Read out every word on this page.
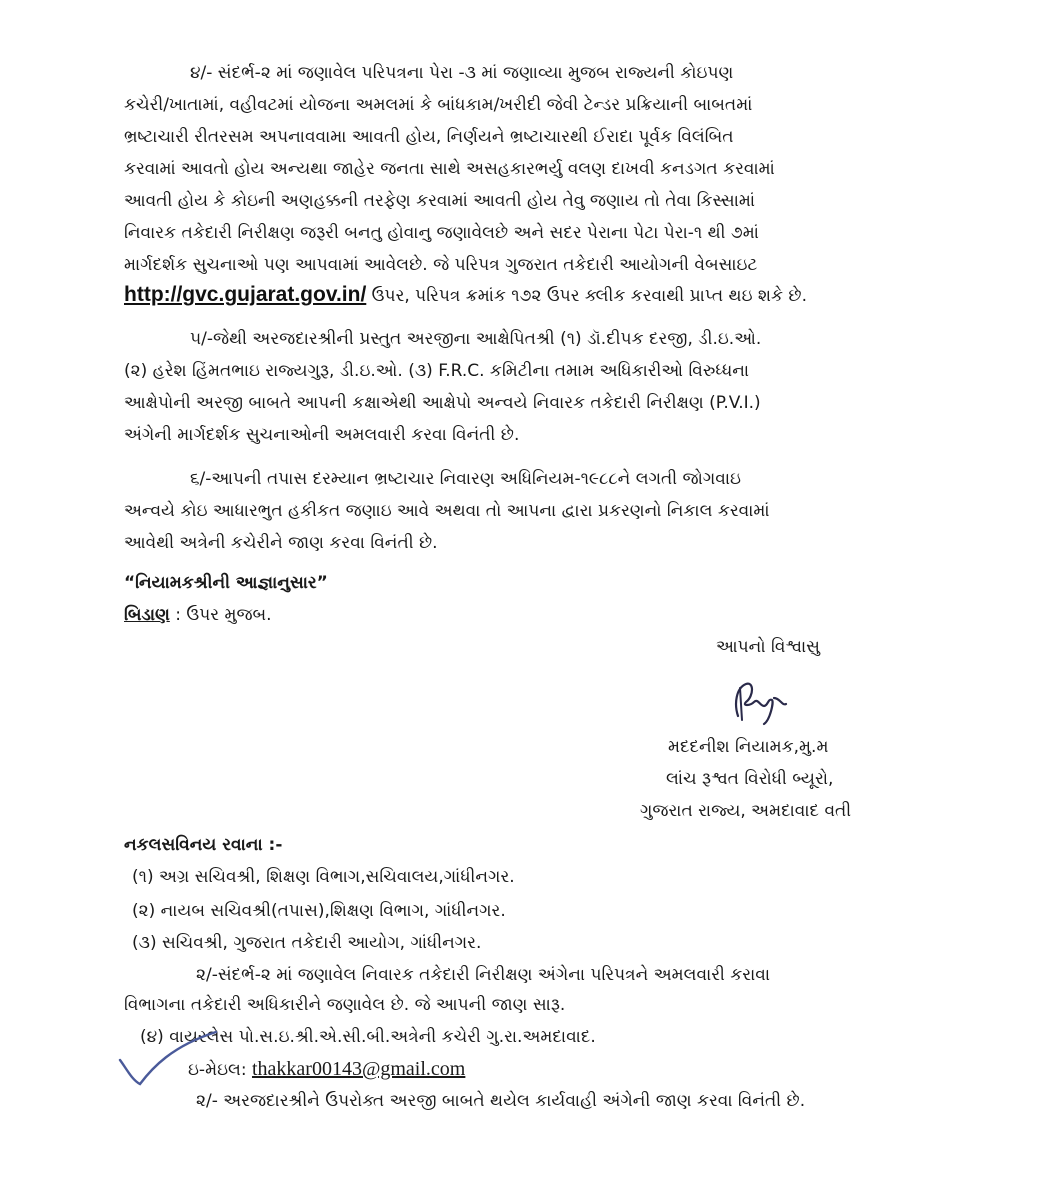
૪/- સંદર્ભ-૨ માં જણાવેલ પરિપત્રના પેરા -૩ માં જણાવ્યા મુજબ રાજ્યની કોઇપણ
કચેરી/ખાતામાં, વહીવટમાં યોજના અમલમાં કે બાંધકામ/ખરીદી જેવી ટેન્ડર પ્રક્રિયાની બાબતમાં
ભ્રષ્ટાચારી રીતરસમ અપનાવવામા આવતી હોય, નિર્ણયને ભ્રષ્ટાચારથી ઈરાદા પૂર્વક વિલંબિત
કરવામાં આવતો હોય અન્યથા જાહેર જનતા સાથે અસહકારભર્યુ વલણ દાખવી કનડગત કરવામાં
આવતી હોય કે કોઇની અણહક્કની તરફેણ કરવામાં આવતી હોય તેવુ જણાય તો તેવા કિસ્સામાં
નિવારક તકેદારી નિરીક્ષણ જરૂરી બનતુ હોવાનુ જણાવેલછે અને સદર પેરાના પેટા પેરા-૧ થી ૭માં
માર્ગદર્શક સુચનાઓ પણ આપવામાં આવેલછે. જે પરિપત્ર ગુજરાત તકેદારી આયોગની વેબસાઇટ
http://gvc.gujarat.gov.in/ ઉપર, પરિપત્ર ક્રમાંક ૧૭૨ ઉપર ક્લીક કરવાથી પ્રાપ્ત થઇ શકે છે.
૫/-જેથી અરજદારશ્રીની પ્રસ્તુત અરજીના આક્ષેપિતશ્રી (૧) ડૉ.દીપક દરજી, ડી.ઇ.ઓ.
(૨) હરેશ હિંમતભાઇ રાજ્યગુરૂ, ડી.ઇ.ઓ. (૩) F.R.C. કમિટીના તમામ અધિકારીઓ વિરુધ્ધના
આક્ષેપોની અરજી બાબતે આપની કક્ષાએથી આક્ષેપો અન્વયે નિવારક તકેદારી નિરીક્ષણ (P.V.I.)
અંગેની માર્ગદર્શક સુચનાઓની અમલવારી કરવા વિનંતી છે.
૬/-આપની તપાસ દરમ્યાન ભ્રષ્ટાચાર નિવારણ અધિનિયમ-૧૯૮૮ને લગતી જોગવાઇ
અન્વયે કોઇ આધારભુત હકીકત જણાઇ આવે અથવા તો આપના દ્વારા પ્રકરણનો નિકાલ કરવામાં
આવેથી અત્રેની કચેરીને જાણ કરવા વિનંતી છે.
“નિયામકશ્રીની આજ્ઞાનુસાર”
બિડાણ : ઉપર મુજબ.
આપનો વિશ્વાસુ
મદદનીશ નિયામક,મુ.મ
લાંચ રૂશ્વત વિરોધી બ્યૂરો,
ગુજરાત રાજ્ય, અમદાવાદ વતી
નકલસવિનય રવાના :-
(૧) અગ્ર સચિવશ્રી, શિક્ષણ વિભાગ,સચિવાલય,ગાંધીનગર.
(૨) નાયબ સચિવશ્રી(તપાસ),શિક્ષણ વિભાગ, ગાંધીનગર.
(૩) સચિવશ્રી, ગુજરાત તકેદારી આયોગ, ગાંધીનગર.
૨/-સંદર્ભ-૨ માં જણાવેલ નિવારક તકેદારી નિરીક્ષણ અંગેના પરિપત્રને અમલવારી કરાવા
વિભાગના તકેદારી અધિકારીને જણાવેલ છે. જે આપની જાણ સારૂ.
(૪) વાયરલેસ પો.સ.ઇ.શ્રી.એ.સી.બી.અત્રેની કચેરી ગુ.રા.અમદાવાદ.
ઇ-મેઇલ: thakkar00143@gmail.com
૨/- અરજદારશ્રીને ઉપરોક્ત અરજી બાબતે થયેલ કાર્યવાહી અંગેની જાણ કરવા વિનંતી છે.
